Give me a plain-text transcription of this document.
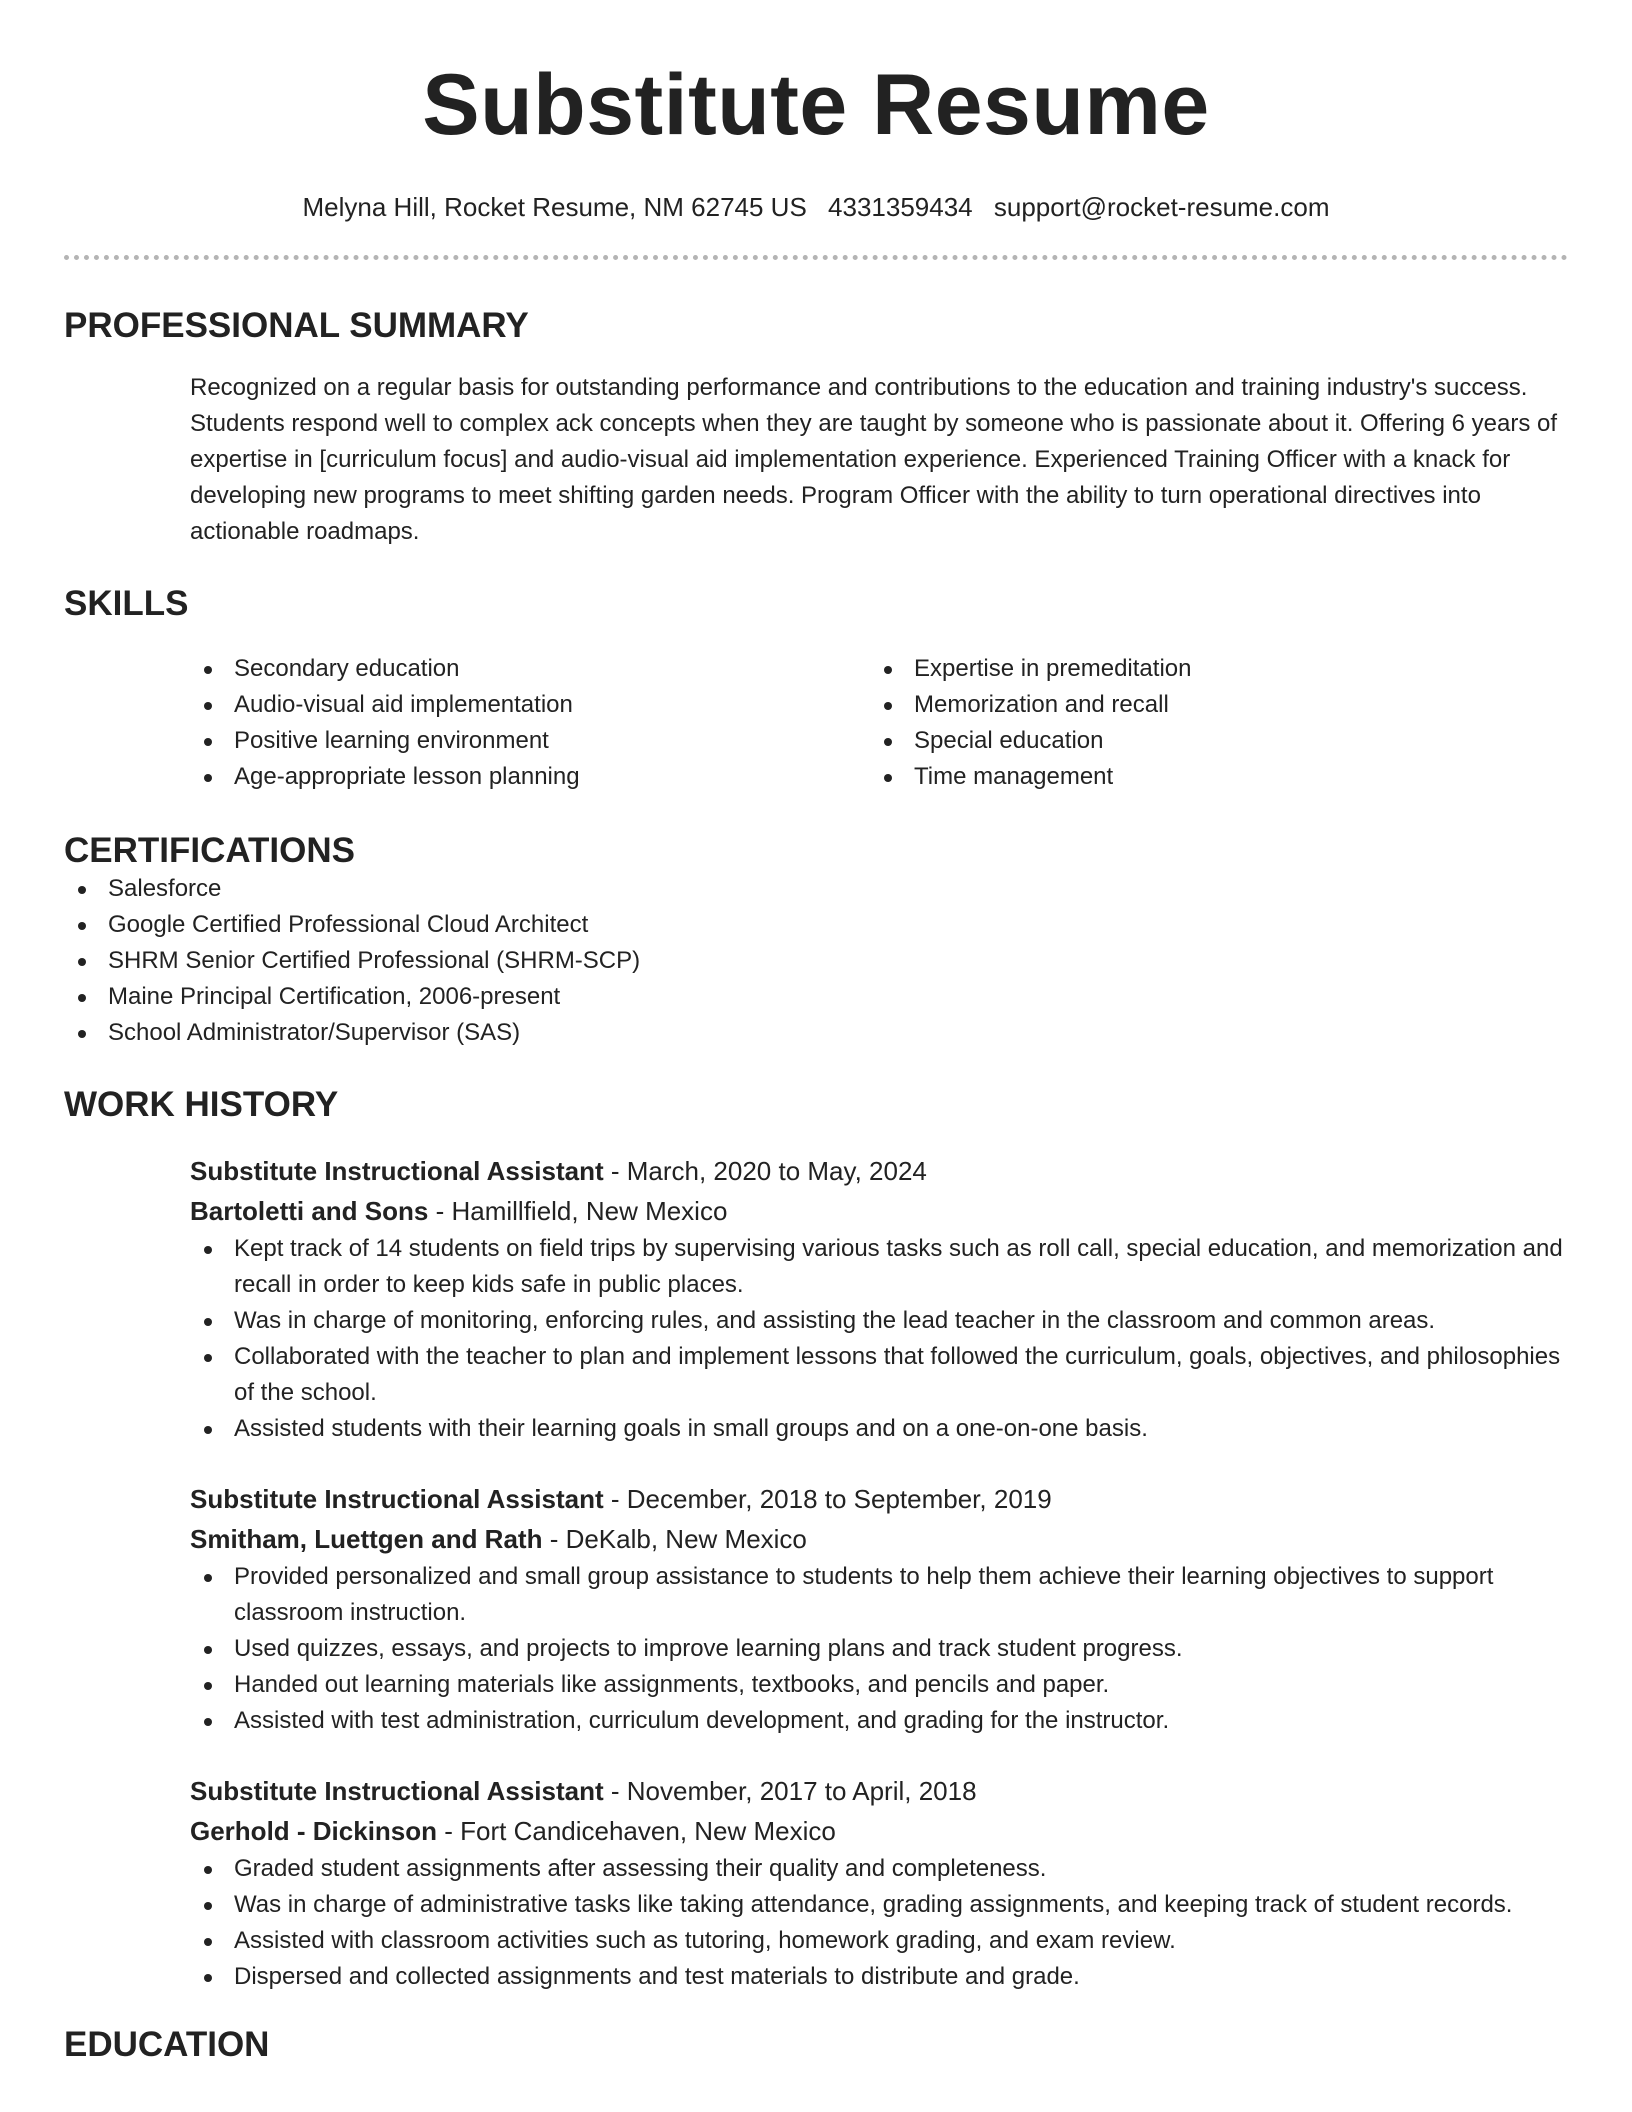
Substitute Resume
Melyna Hill, Rocket Resume, NM 62745 US 4331359434 support@rocket-resume.com
PROFESSIONAL SUMMARY

Recognized on a regular basis for outstanding performance and contributions to the education and training industry's success. Students respond well to complex ack concepts when they are taught by someone who is passionate about it. Offering 6 years of expertise in [curriculum focus] and audio-visual aid implementation experience. Experienced Training Officer with a knack for developing new programs to meet shifting garden needs. Program Officer with the ability to turn operational directives into actionable roadmaps.

SKILLS
Secondary education
Audio-visual aid implementation
Positive learning environment
Age-appropriate lesson planning
Expertise in premeditation
Memorization and recall
Special education
Time management
CERTIFICATIONS
Salesforce
Google Certified Professional Cloud Architect
SHRM Senior Certified Professional (SHRM-SCP)
Maine Principal Certification, 2006-present
School Administrator/Supervisor (SAS)
WORK HISTORY
Substitute Instructional Assistant - March, 2020 to May, 2024
Bartoletti and Sons - Hamillfield, New Mexico
Kept track of 14 students on field trips by supervising various tasks such as roll call, special education, and memorization and recall in order to keep kids safe in public places.
Was in charge of monitoring, enforcing rules, and assisting the lead teacher in the classroom and common areas.
Collaborated with the teacher to plan and implement lessons that followed the curriculum, goals, objectives, and philosophies of the school.
Assisted students with their learning goals in small groups and on a one-on-one basis.
Substitute Instructional Assistant - December, 2018 to September, 2019
Smitham, Luettgen and Rath - DeKalb, New Mexico
Provided personalized and small group assistance to students to help them achieve their learning objectives to support classroom instruction.
Used quizzes, essays, and projects to improve learning plans and track student progress.
Handed out learning materials like assignments, textbooks, and pencils and paper.
Assisted with test administration, curriculum development, and grading for the instructor.
Substitute Instructional Assistant - November, 2017 to April, 2018
Gerhold - Dickinson - Fort Candicehaven, New Mexico
Graded student assignments after assessing their quality and completeness.
Was in charge of administrative tasks like taking attendance, grading assignments, and keeping track of student records.
Assisted with classroom activities such as tutoring, homework grading, and exam review.
Dispersed and collected assignments and test materials to distribute and grade.
EDUCATION
